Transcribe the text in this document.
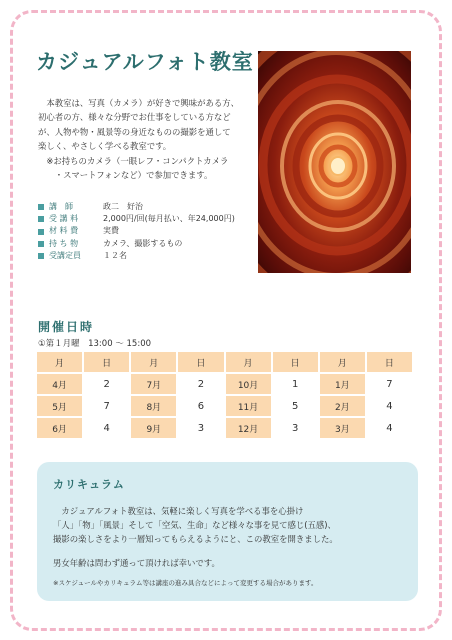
カジュアルフォト教室

　本教室は、写真（カメラ）が好きで興味がある方、

初心者の方、様々な分野でお仕事をしている方など

が、人物や物・風景等の身近なものの撮影を通して

楽しく、やさしく学べる教室です。

　※お持ちのカメラ（一眼レフ・コンパクトカメラ

　　・スマートフォンなど）で参加できます。

講　師	政二　好治
受 講 料	2,000円/回(毎月払い、年24,000円)
材 料 費	実費
持 ち 物	カメラ、撮影するもの
受講定員	１２名
開催日時
①第１月曜　13:00 ～ 15:00
月	日	月	日	月	日	月	日
4月	2	7月	2	10月	1	1月	7
5月	7	8月	6	11月	5	2月	4
6月	4	9月	3	12月	3	3月	4
カリキュラム

　カジュアルフォト教室は、気軽に楽しく写真を学べる事を心掛け

「人」「物」「風景」そして「空気、生命」など様々な事を見て感じ(五感)、

撮影の楽しさをより一層知ってもらえるようにと、この教室を開きました。

男女年齢は問わず通って頂ければ幸いです。

※スケジュールやカリキュラム等は講座の進み具合などによって変更する場合があります。
